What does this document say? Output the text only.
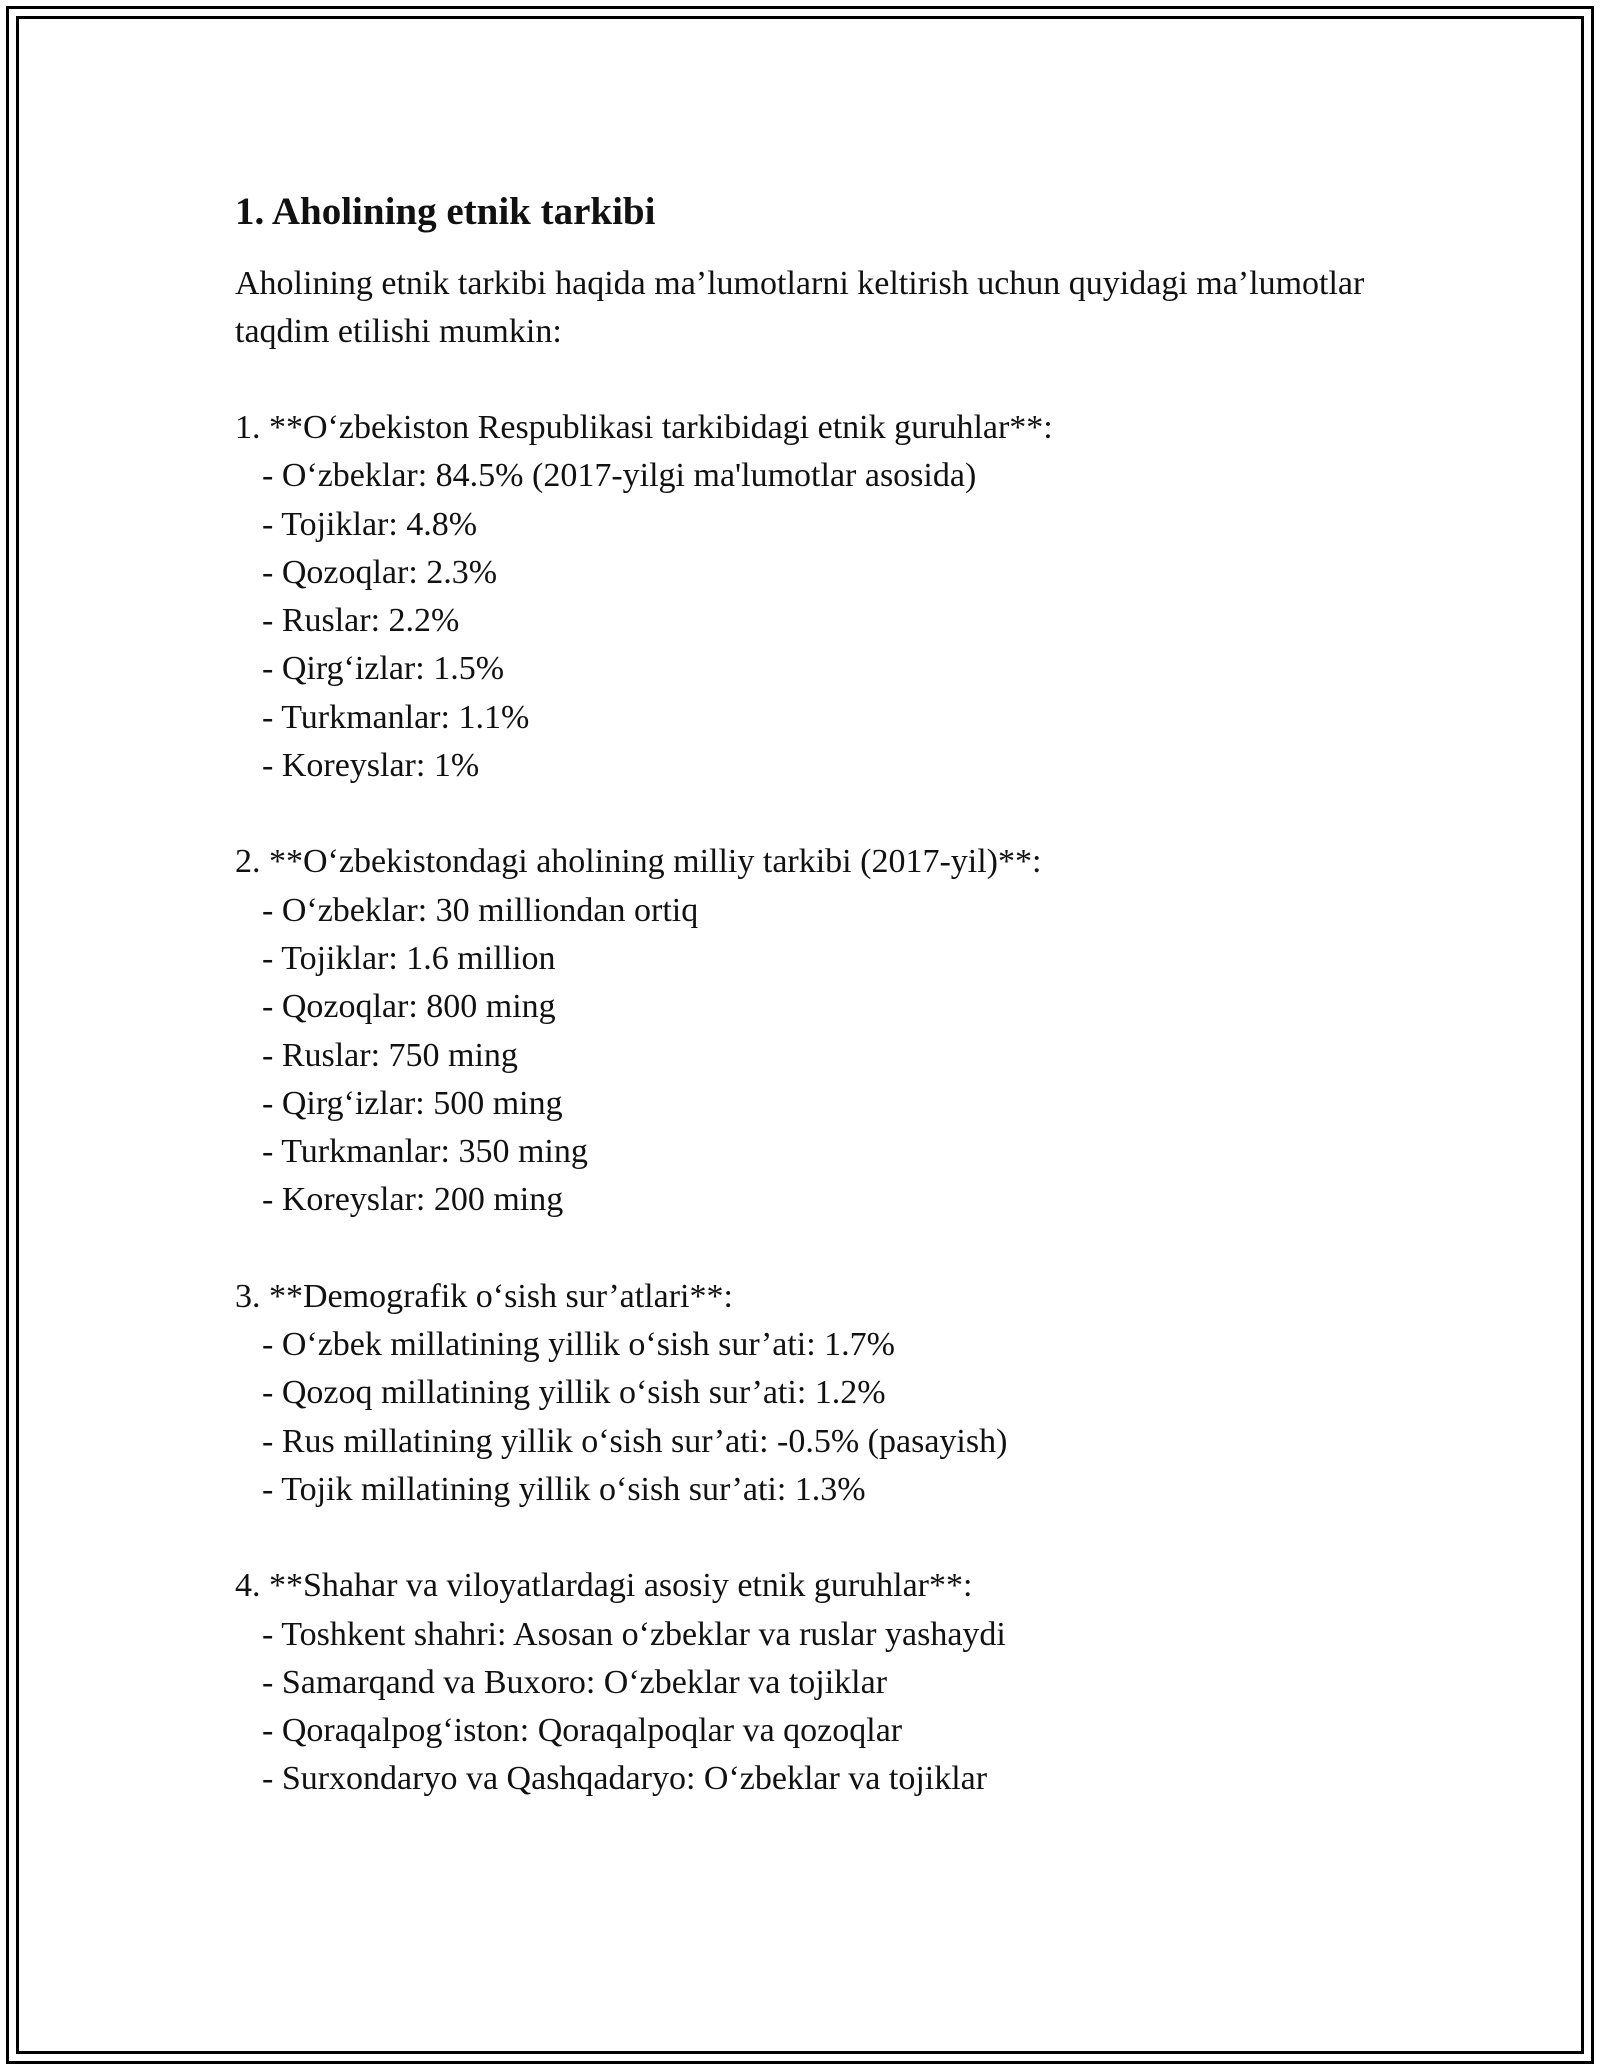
1. Aholining etnik tarkibi

Aholining etnik tarkibi haqida ma’lumotlarni keltirish uchun quyidagi ma’lumotlar taqdim etilishi mumkin:

1. **O‘zbekiston Respublikasi tarkibidagi etnik guruhlar**:
- O‘zbeklar: 84.5% (2017-yilgi ma'lumotlar asosida)
- Tojiklar: 4.8%
- Qozoqlar: 2.3%
- Ruslar: 2.2%
- Qirg‘izlar: 1.5%
- Turkmanlar: 1.1%
- Koreyslar: 1%
2. **O‘zbekistondagi aholining milliy tarkibi (2017-yil)**:
- O‘zbeklar: 30 milliondan ortiq
- Tojiklar: 1.6 million
- Qozoqlar: 800 ming
- Ruslar: 750 ming
- Qirg‘izlar: 500 ming
- Turkmanlar: 350 ming
- Koreyslar: 200 ming
3. **Demografik o‘sish sur’atlari**:
- O‘zbek millatining yillik o‘sish sur’ati: 1.7%
- Qozoq millatining yillik o‘sish sur’ati: 1.2%
- Rus millatining yillik o‘sish sur’ati: -0.5% (pasayish)
- Tojik millatining yillik o‘sish sur’ati: 1.3%
4. **Shahar va viloyatlardagi asosiy etnik guruhlar**:
- Toshkent shahri: Asosan o‘zbeklar va ruslar yashaydi
- Samarqand va Buxoro: O‘zbeklar va tojiklar
- Qoraqalpog‘iston: Qoraqalpoqlar va qozoqlar
- Surxondaryo va Qashqadaryo: O‘zbeklar va tojiklar
